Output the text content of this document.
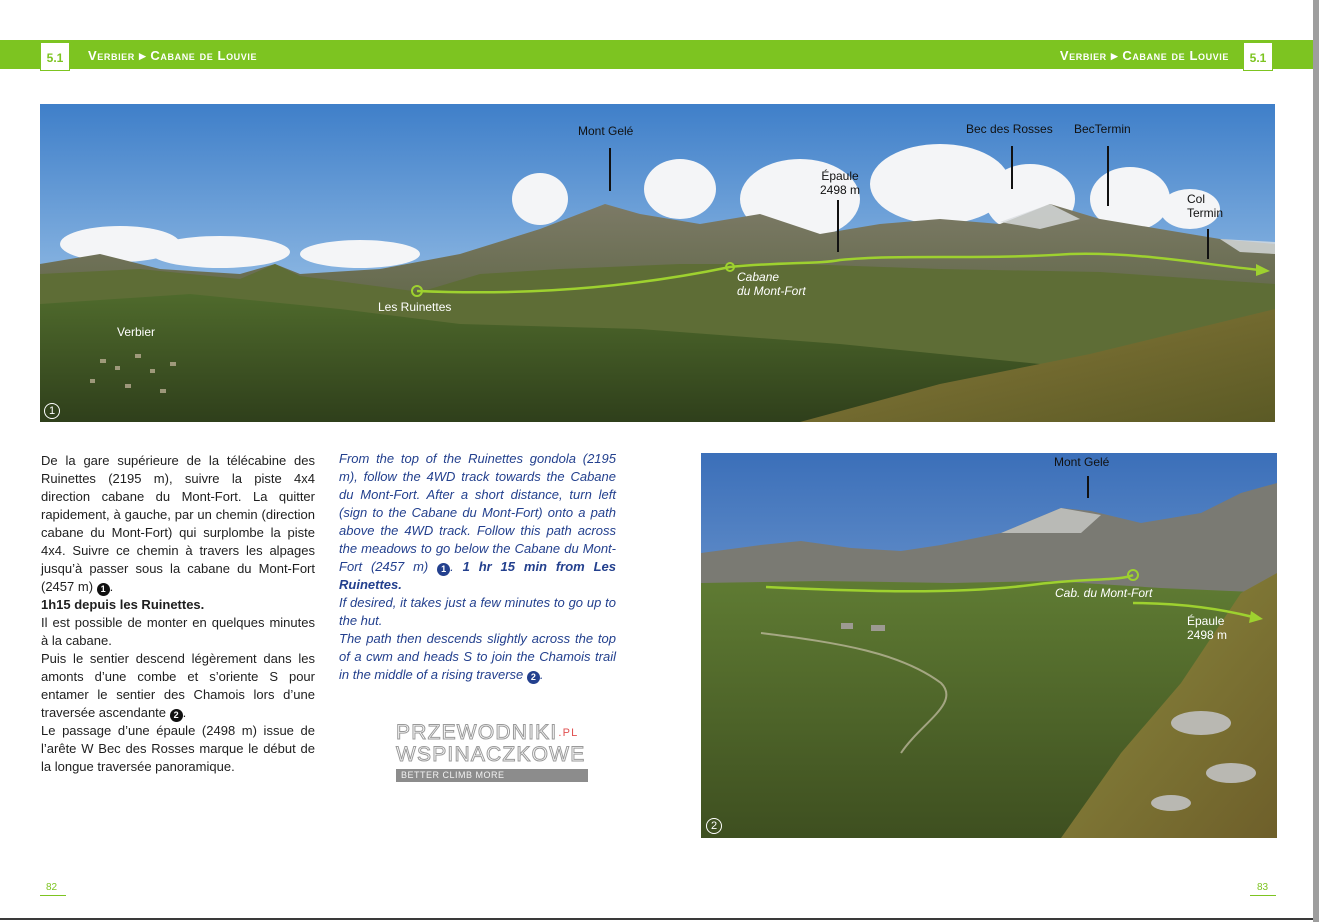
5.1	Verbier ▸ Cabane de Louvie	Verbier ▸ Cabane de Louvie	5.1
Mont Gelé	Bec des Rosses BecTermin
Épaule
2498 m
Col
Termin
Cabane
du Mont-Fort
Les Ruinettes
Verbier
1

De la gare supérieure de la télécabine des Ruinettes (2195 m), suivre la piste 4x4 direction cabane du Mont-Fort. La quitter rapidement, à gauche, par un chemin (direction cabane du Mont-Fort) qui surplombe la piste 4x4. Suivre ce chemin à travers les alpages jusqu’à passer sous la cabane du Mont-Fort (2457 m) 1 .

1h15 depuis les Ruinettes.

Il est possible de monter en quelques minutes à la cabane.

Puis le sentier descend légèrement dans les amonts d’une combe et s’oriente S pour entamer le sentier des Chamois lors d’une traversée ascendante 2 .

Le passage d’une épaule (2498 m) issue de l’arête W Bec des Rosses marque le début de la longue traversée panoramique.

From the top of the Ruinettes gondola (2195 m), follow the 4WD track towards the Cabane du Mont-Fort. After a short distance, turn left (sign to the Cabane du Mont-Fort) onto a path above the 4WD track. Follow this path across the meadows to go below the Cabane du Mont-Fort (2457 m) 1 . 1 hr 15 min from Les Ruinettes.

If desired, it takes just a few minutes to go up to the hut.

The path then descends slightly across the top of a cwm and heads S to join the Chamois trail in the middle of a rising traverse 2 .

$PRZEWODNIKI^{.PL}$
WSPINACZKOWE
BETTER CLIMB MORE
Mont Gelé
Cab. du Mont-Fort
Épaule
2498 m
2
82	83
